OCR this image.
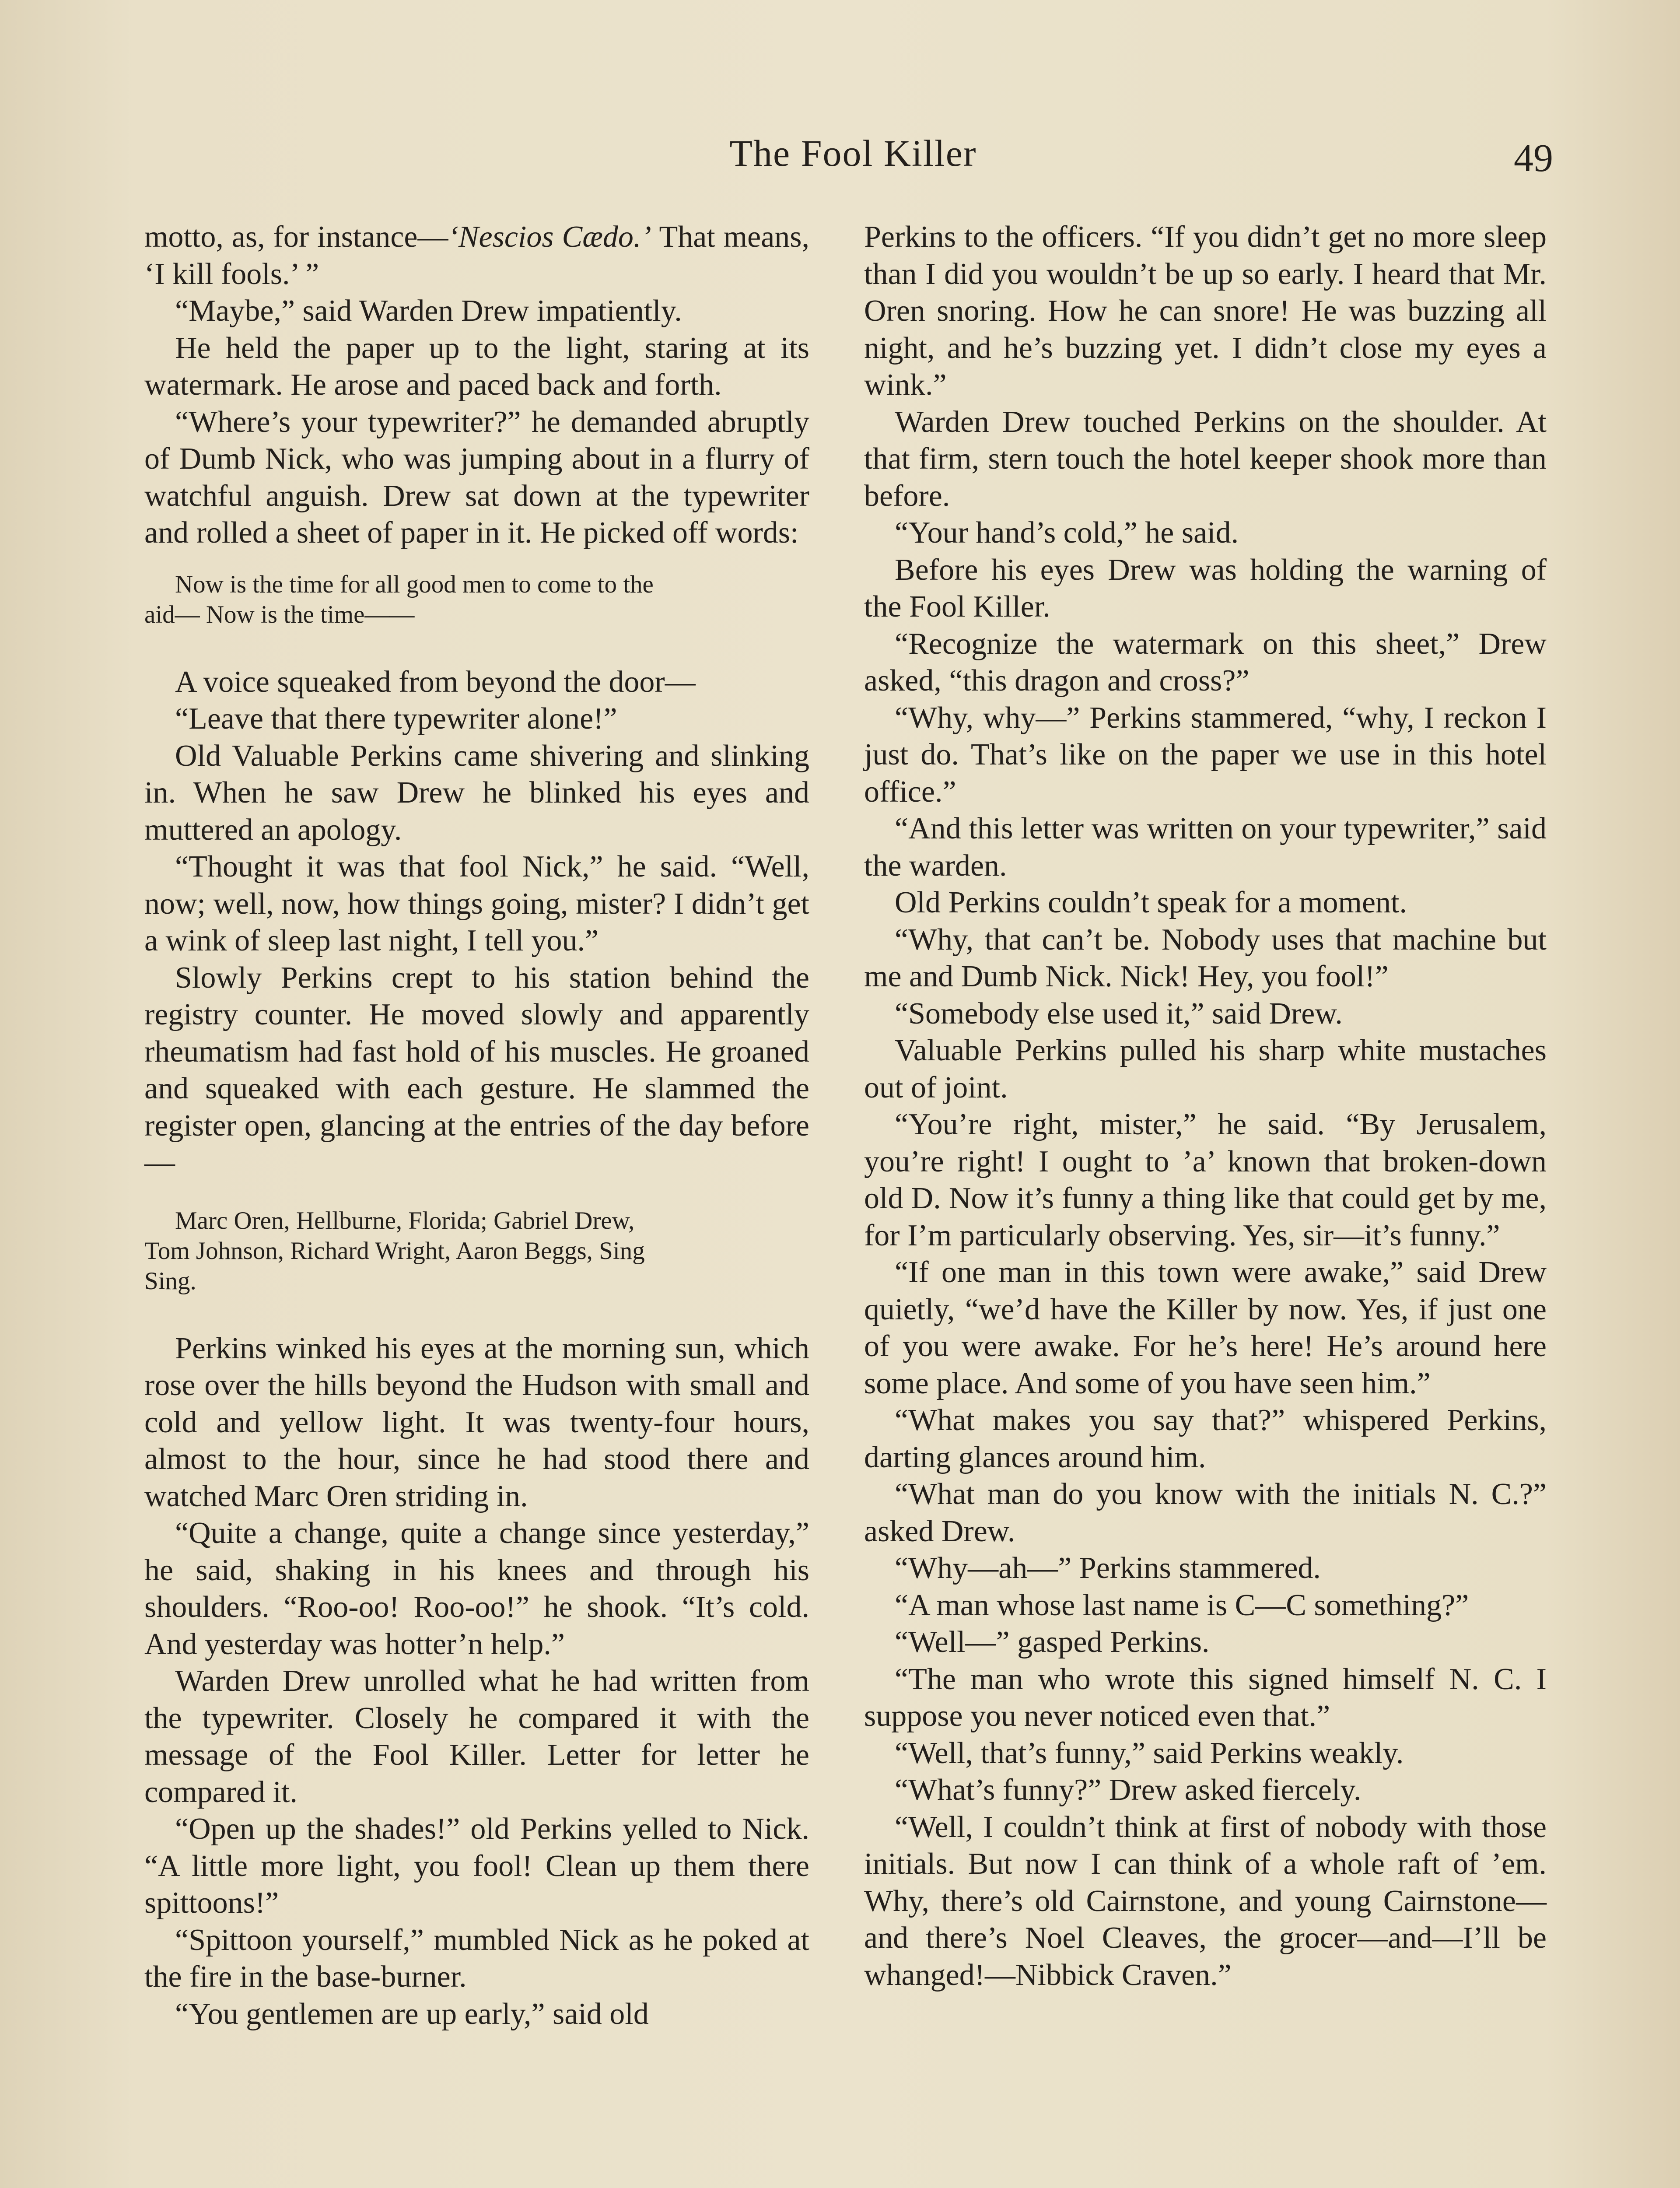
The Fool Killer	49

motto, as, for instance—‘Nescios Cædo.’ That means, ‘I kill fools.’ ”

“Maybe,” said Warden Drew impatiently.

He held the paper up to the light, staring at its watermark. He arose and paced back and forth.

“Where’s your typewriter?” he demanded abruptly of Dumb Nick, who was jumping about in a flurry of watchful anguish. Drew sat down at the typewriter and rolled a sheet of paper in it. He picked off words:

Now is the time for all good men to come to the
aid— Now is the time——

A voice squeaked from beyond the door—

“Leave that there typewriter alone!”

Old Valuable Perkins came shivering and slinking in. When he saw Drew he blinked his eyes and muttered an apology.

“Thought it was that fool Nick,” he said. “Well, now; well, now, how things going, mister? I didn’t get a wink of sleep last night, I tell you.”

Slowly Perkins crept to his station behind the registry counter. He moved slowly and apparently rheumatism had fast hold of his muscles. He groaned and squeaked with each gesture. He slammed the register open, glancing at the entries of the day before—

Marc Oren, Hellburne, Florida; Gabriel Drew,
Tom Johnson, Richard Wright, Aaron Beggs, Sing
Sing.

Perkins winked his eyes at the morning sun, which rose over the hills beyond the Hudson with small and cold and yellow light. It was twenty-four hours, almost to the hour, since he had stood there and watched Marc Oren striding in.

“Quite a change, quite a change since yesterday,” he said, shaking in his knees and through his shoulders. “Roo-oo! Roo-oo!” he shook. “It’s cold. And yesterday was hotter’n help.”

Warden Drew unrolled what he had written from the typewriter. Closely he compared it with the message of the Fool Killer. Letter for letter he compared it.

“Open up the shades!” old Perkins yelled to Nick. “A little more light, you fool! Clean up them there spittoons!”

“Spittoon yourself,” mumbled Nick as he poked at the fire in the base-burner.

“You gentlemen are up early,” said old

Perkins to the officers. “If you didn’t get no more sleep than I did you wouldn’t be up so early. I heard that Mr. Oren snoring. How he can snore! He was buzzing all night, and he’s buzzing yet. I didn’t close my eyes a wink.”

Warden Drew touched Perkins on the shoulder. At that firm, stern touch the hotel keeper shook more than before.

“Your hand’s cold,” he said.

Before his eyes Drew was holding the warning of the Fool Killer.

“Recognize the watermark on this sheet,” Drew asked, “this dragon and cross?”

“Why, why—” Perkins stammered, “why, I reckon I just do. That’s like on the paper we use in this hotel office.”

“And this letter was written on your typewriter,” said the warden.

Old Perkins couldn’t speak for a moment.

“Why, that can’t be. Nobody uses that machine but me and Dumb Nick. Nick! Hey, you fool!”

“Somebody else used it,” said Drew.

Valuable Perkins pulled his sharp white mustaches out of joint.

“You’re right, mister,” he said. “By Jerusalem, you’re right! I ought to ’a’ known that broken-down old D. Now it’s funny a thing like that could get by me, for I’m particularly observing. Yes, sir—it’s funny.”

“If one man in this town were awake,” said Drew quietly, “we’d have the Killer by now. Yes, if just one of you were awake. For he’s here! He’s around here some place. And some of you have seen him.”

“What makes you say that?” whispered Perkins, darting glances around him.

“What man do you know with the initials N. C.?” asked Drew.

“Why—ah—” Perkins stammered.

“A man whose last name is C—C something?”

“Well—” gasped Perkins.

“The man who wrote this signed himself N. C. I suppose you never noticed even that.”

“Well, that’s funny,” said Perkins weakly.

“What’s funny?” Drew asked fiercely.

“Well, I couldn’t think at first of nobody with those initials. But now I can think of a whole raft of ’em. Why, there’s old Cairnstone, and young Cairnstone—and there’s Noel Cleaves, the grocer—and—I’ll be whanged!—Nibbick Craven.”
